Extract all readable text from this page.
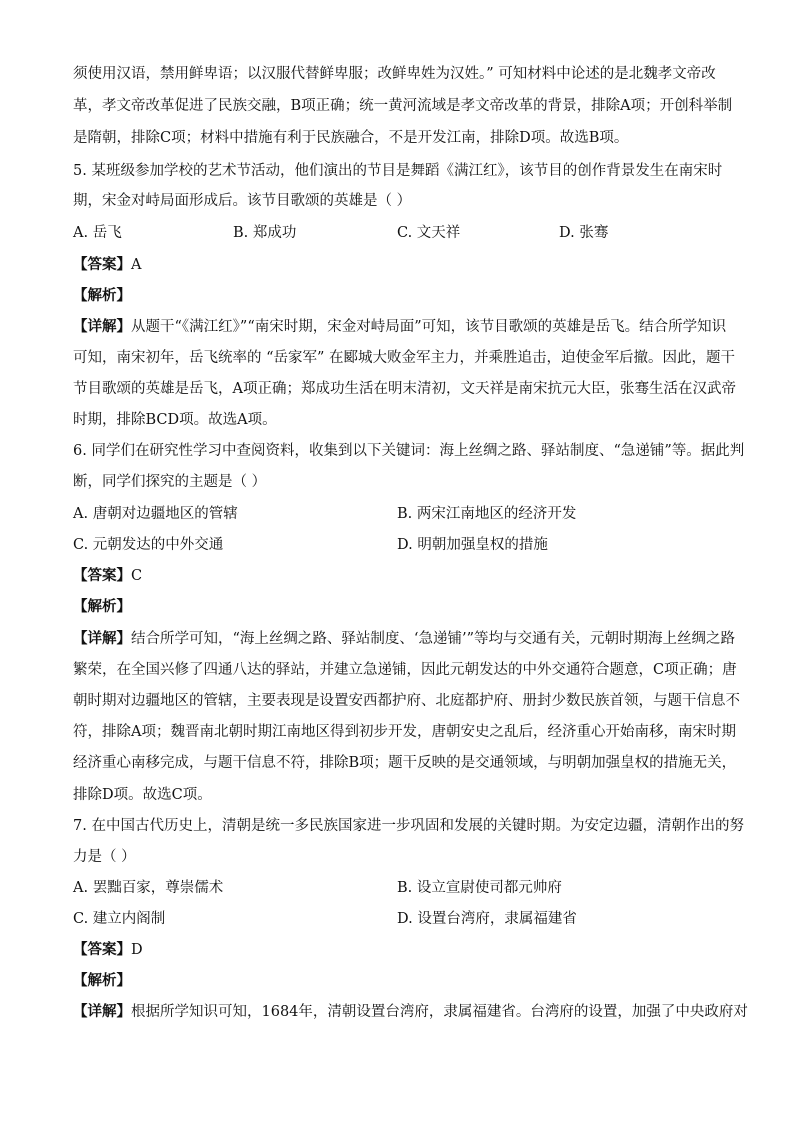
须使用汉语，禁用鲜卑语；以汉服代替鲜卑服；改鲜卑姓为汉姓。” 可知材料中论述的是北魏孝文帝改
革，孝文帝改革促进了民族交融，B项正确；统一黄河流域是孝文帝改革的背景，排除A项；开创科举制
是隋朝，排除C项；材料中措施有利于民族融合，不是开发江南，排除D项。故选B项。
5. 某班级参加学校的艺术节活动，他们演出的节目是舞蹈《满江红》，该节目的创作背景发生在南宋时
期，宋金对峙局面形成后。该节目歌颂的英雄是（ ）
A. 岳飞	B. 郑成功	C. 文天祥	D. 张骞
【答案】A
【解析】
【详解】从题干“《满江红》”“南宋时期，宋金对峙局面”可知，该节目歌颂的英雄是岳飞。结合所学知识
可知，南宋初年，岳飞统率的 “岳家军” 在郾城大败金军主力，并乘胜追击，迫使金军后撤。因此，题干
节目歌颂的英雄是岳飞，A项正确；郑成功生活在明末清初，文天祥是南宋抗元大臣，张骞生活在汉武帝
时期，排除BCD项。故选A项。
6. 同学们在研究性学习中查阅资料，收集到以下关键词：海上丝绸之路、驿站制度、“急递铺”等。据此判
断，同学们探究的主题是（ ）
A. 唐朝对边疆地区的管辖	B. 两宋江南地区的经济开发
C. 元朝发达的中外交通	D. 明朝加强皇权的措施
【答案】C
【解析】
【详解】结合所学可知，“海上丝绸之路、驿站制度、‘急递铺’”等均与交通有关，元朝时期海上丝绸之路
繁荣，在全国兴修了四通八达的驿站，并建立急递铺，因此元朝发达的中外交通符合题意，C项正确；唐
朝时期对边疆地区的管辖，主要表现是设置安西都护府、北庭都护府、册封少数民族首领，与题干信息不
符，排除A项；魏晋南北朝时期江南地区得到初步开发，唐朝安史之乱后，经济重心开始南移，南宋时期
经济重心南移完成，与题干信息不符，排除B项；题干反映的是交通领域，与明朝加强皇权的措施无关，
排除D项。故选C项。
7. 在中国古代历史上，清朝是统一多民族国家进一步巩固和发展的关键时期。为安定边疆，清朝作出的努
力是（ ）
A. 罢黜百家，尊崇儒术	B. 设立宣尉使司都元帅府
C. 建立内阁制	D. 设置台湾府，隶属福建省
【答案】D
【解析】
【详解】根据所学知识可知，1684年，清朝设置台湾府，隶属福建省。台湾府的设置，加强了中央政府对
